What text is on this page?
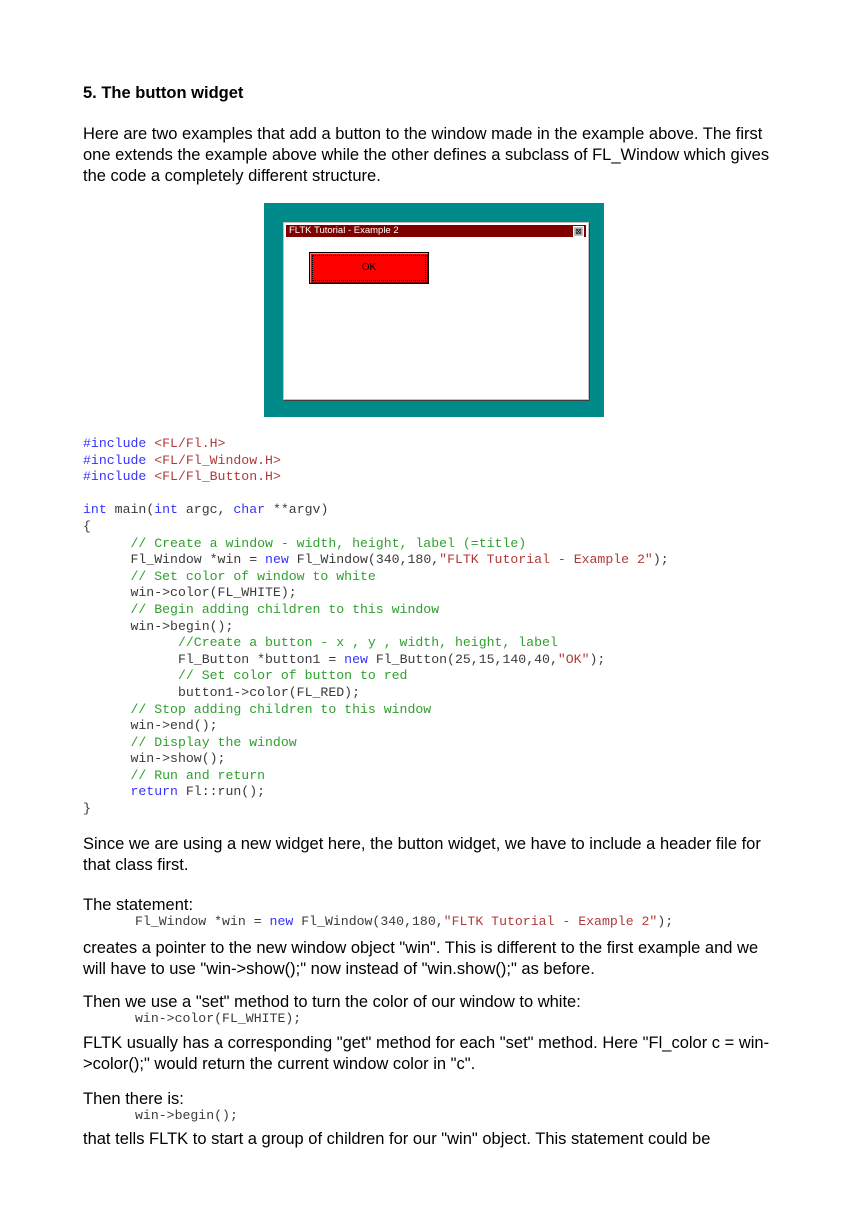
5. The button widget

Here are two examples that add a button to the window made in the example above. The first one extends the example above while the other defines a subclass of FL_Window which gives the code a completely different structure.

Since we are using a new widget here, the button widget, we have to include a header file for that class first.

The statement:

Fl_Window *win = new Fl_Window(340,180,"FLTK Tutorial - Example 2");

creates a pointer to the new window object "win". This is different to the first example and we will have to use "win->show();" now instead of "win.show();" as before.

Then we use a "set" method to turn the color of our window to white:

win->color(FL_WHITE);

FLTK usually has a corresponding "get" method for each "set" method. Here "Fl_color c = win->color();" would return the current window color in "c".

Then there is:

win->begin();

that tells FLTK to start a group of children for our "win" object. This statement could be

FLTK Tutorial - Example 2	⊠
OK
#include <FL/Fl.H>
#include <FL/Fl_Window.H>
#include <FL/Fl_Button.H>

int main(int argc, char **argv)
{
// Create a window - width, height, label (=title)
Fl_Window *win = new Fl_Window(340,180,"FLTK Tutorial - Example 2");
// Set color of window to white
win->color(FL_WHITE);
// Begin adding children to this window
win->begin();
//Create a button - x , y , width, height, label
Fl_Button *button1 = new Fl_Button(25,15,140,40,"OK");
// Set color of button to red
button1->color(FL_RED);
// Stop adding children to this window
win->end();
// Display the window
win->show();
// Run and return
return Fl::run();
}
